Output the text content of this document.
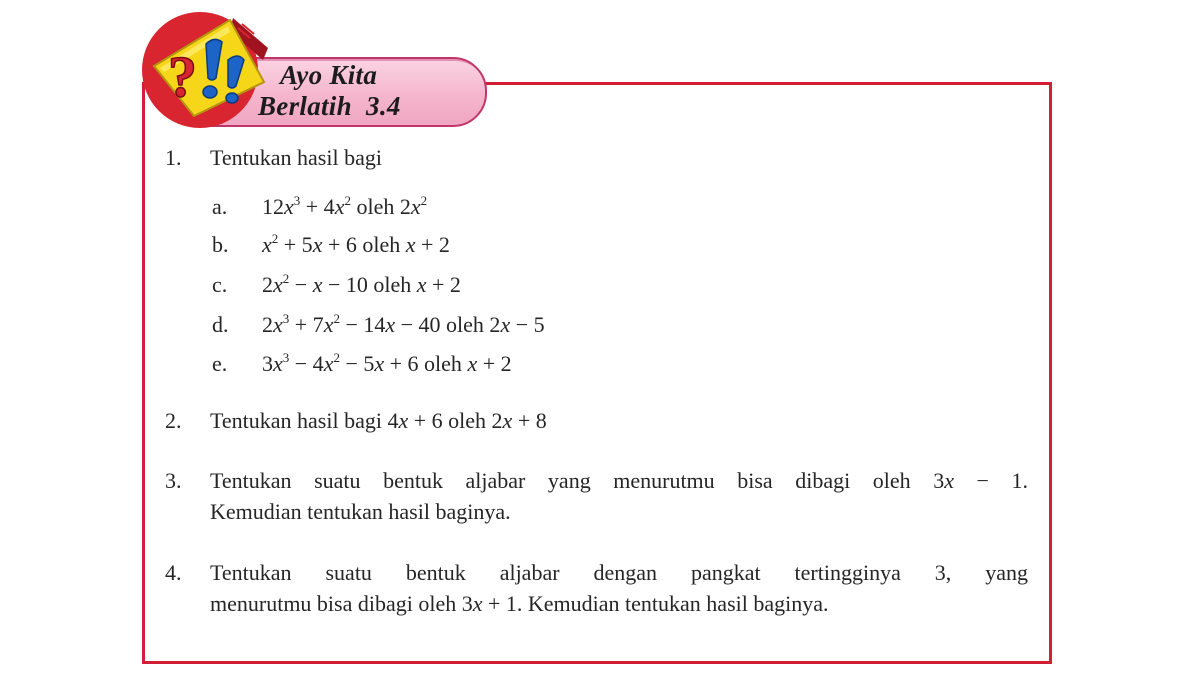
Ayo Kita
Berlatih 3.4
?
1.	Tentukan hasil bagi
a. $12x^3 + 4x^2$ oleh $2x^2$
b. $x^2 + 5x + 6$ oleh x + 2
c. $2x^2 - x - 10$ oleh x + 2
d. $2x^3 + 7x^2 - 14x - 40$ oleh 2x − 5
e. $3x^3 - 4x^2 - 5x + 6$ oleh x + 2
2.	Tentukan hasil bagi 4x + 6 oleh 2x + 8
3.	Tentukan suatu bentuk aljabar yang menurutmu bisa dibagi oleh 3x − 1.
Kemudian tentukan hasil baginya.
4.	Tentukan suatu bentuk aljabar dengan pangkat tertingginya 3, yang
menurutmu bisa dibagi oleh 3x + 1. Kemudian tentukan hasil baginya.
